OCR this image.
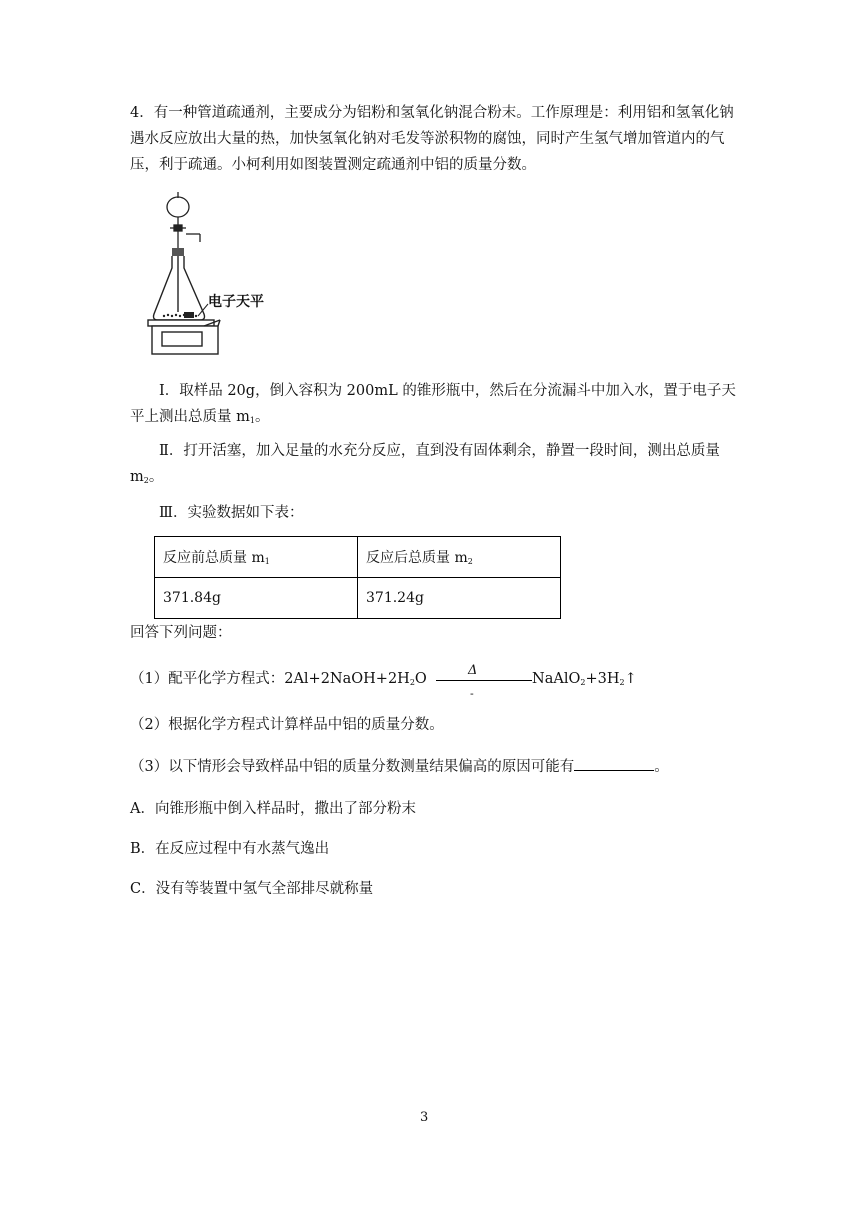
4．有一种管道疏通剂，主要成分为铝粉和氢氧化钠混合粉末。工作原理是：利用铝和氢氧化钠遇水反应放出大量的热，加快氢氧化钠对毛发等淤积物的腐蚀，同时产生氢气增加管道内的气压，利于疏通。小柯利用如图装置测定疏通剂中铝的质量分数。

电子天平

Ⅰ．取样品 20g，倒入容积为 200mL 的锥形瓶中，然后在分流漏斗中加入水，置于电子天平上测出总质量 $m_1$。

Ⅱ．打开活塞，加入足量的水充分反应，直到没有固体剩余，静置一段时间，测出总质量 $m_2$。

Ⅲ．实验数据如下表：

反应前总质量 $m_1$	反应后总质量 $m_2$
371.84g	371.24g

回答下列问题：

（1）配平化学方程式：$2Al+2NaOH+2H_2O$
Δ
-
$NaAlO_2+3H_2↑$

（2）根据化学方程式计算样品中铝的质量分数。

（3）以下情形会导致样品中铝的质量分数测量结果偏高的原因可能有	。

A．向锥形瓶中倒入样品时，撒出了部分粉末

B．在反应过程中有水蒸气逸出

C．没有等装置中氢气全部排尽就称量

3
